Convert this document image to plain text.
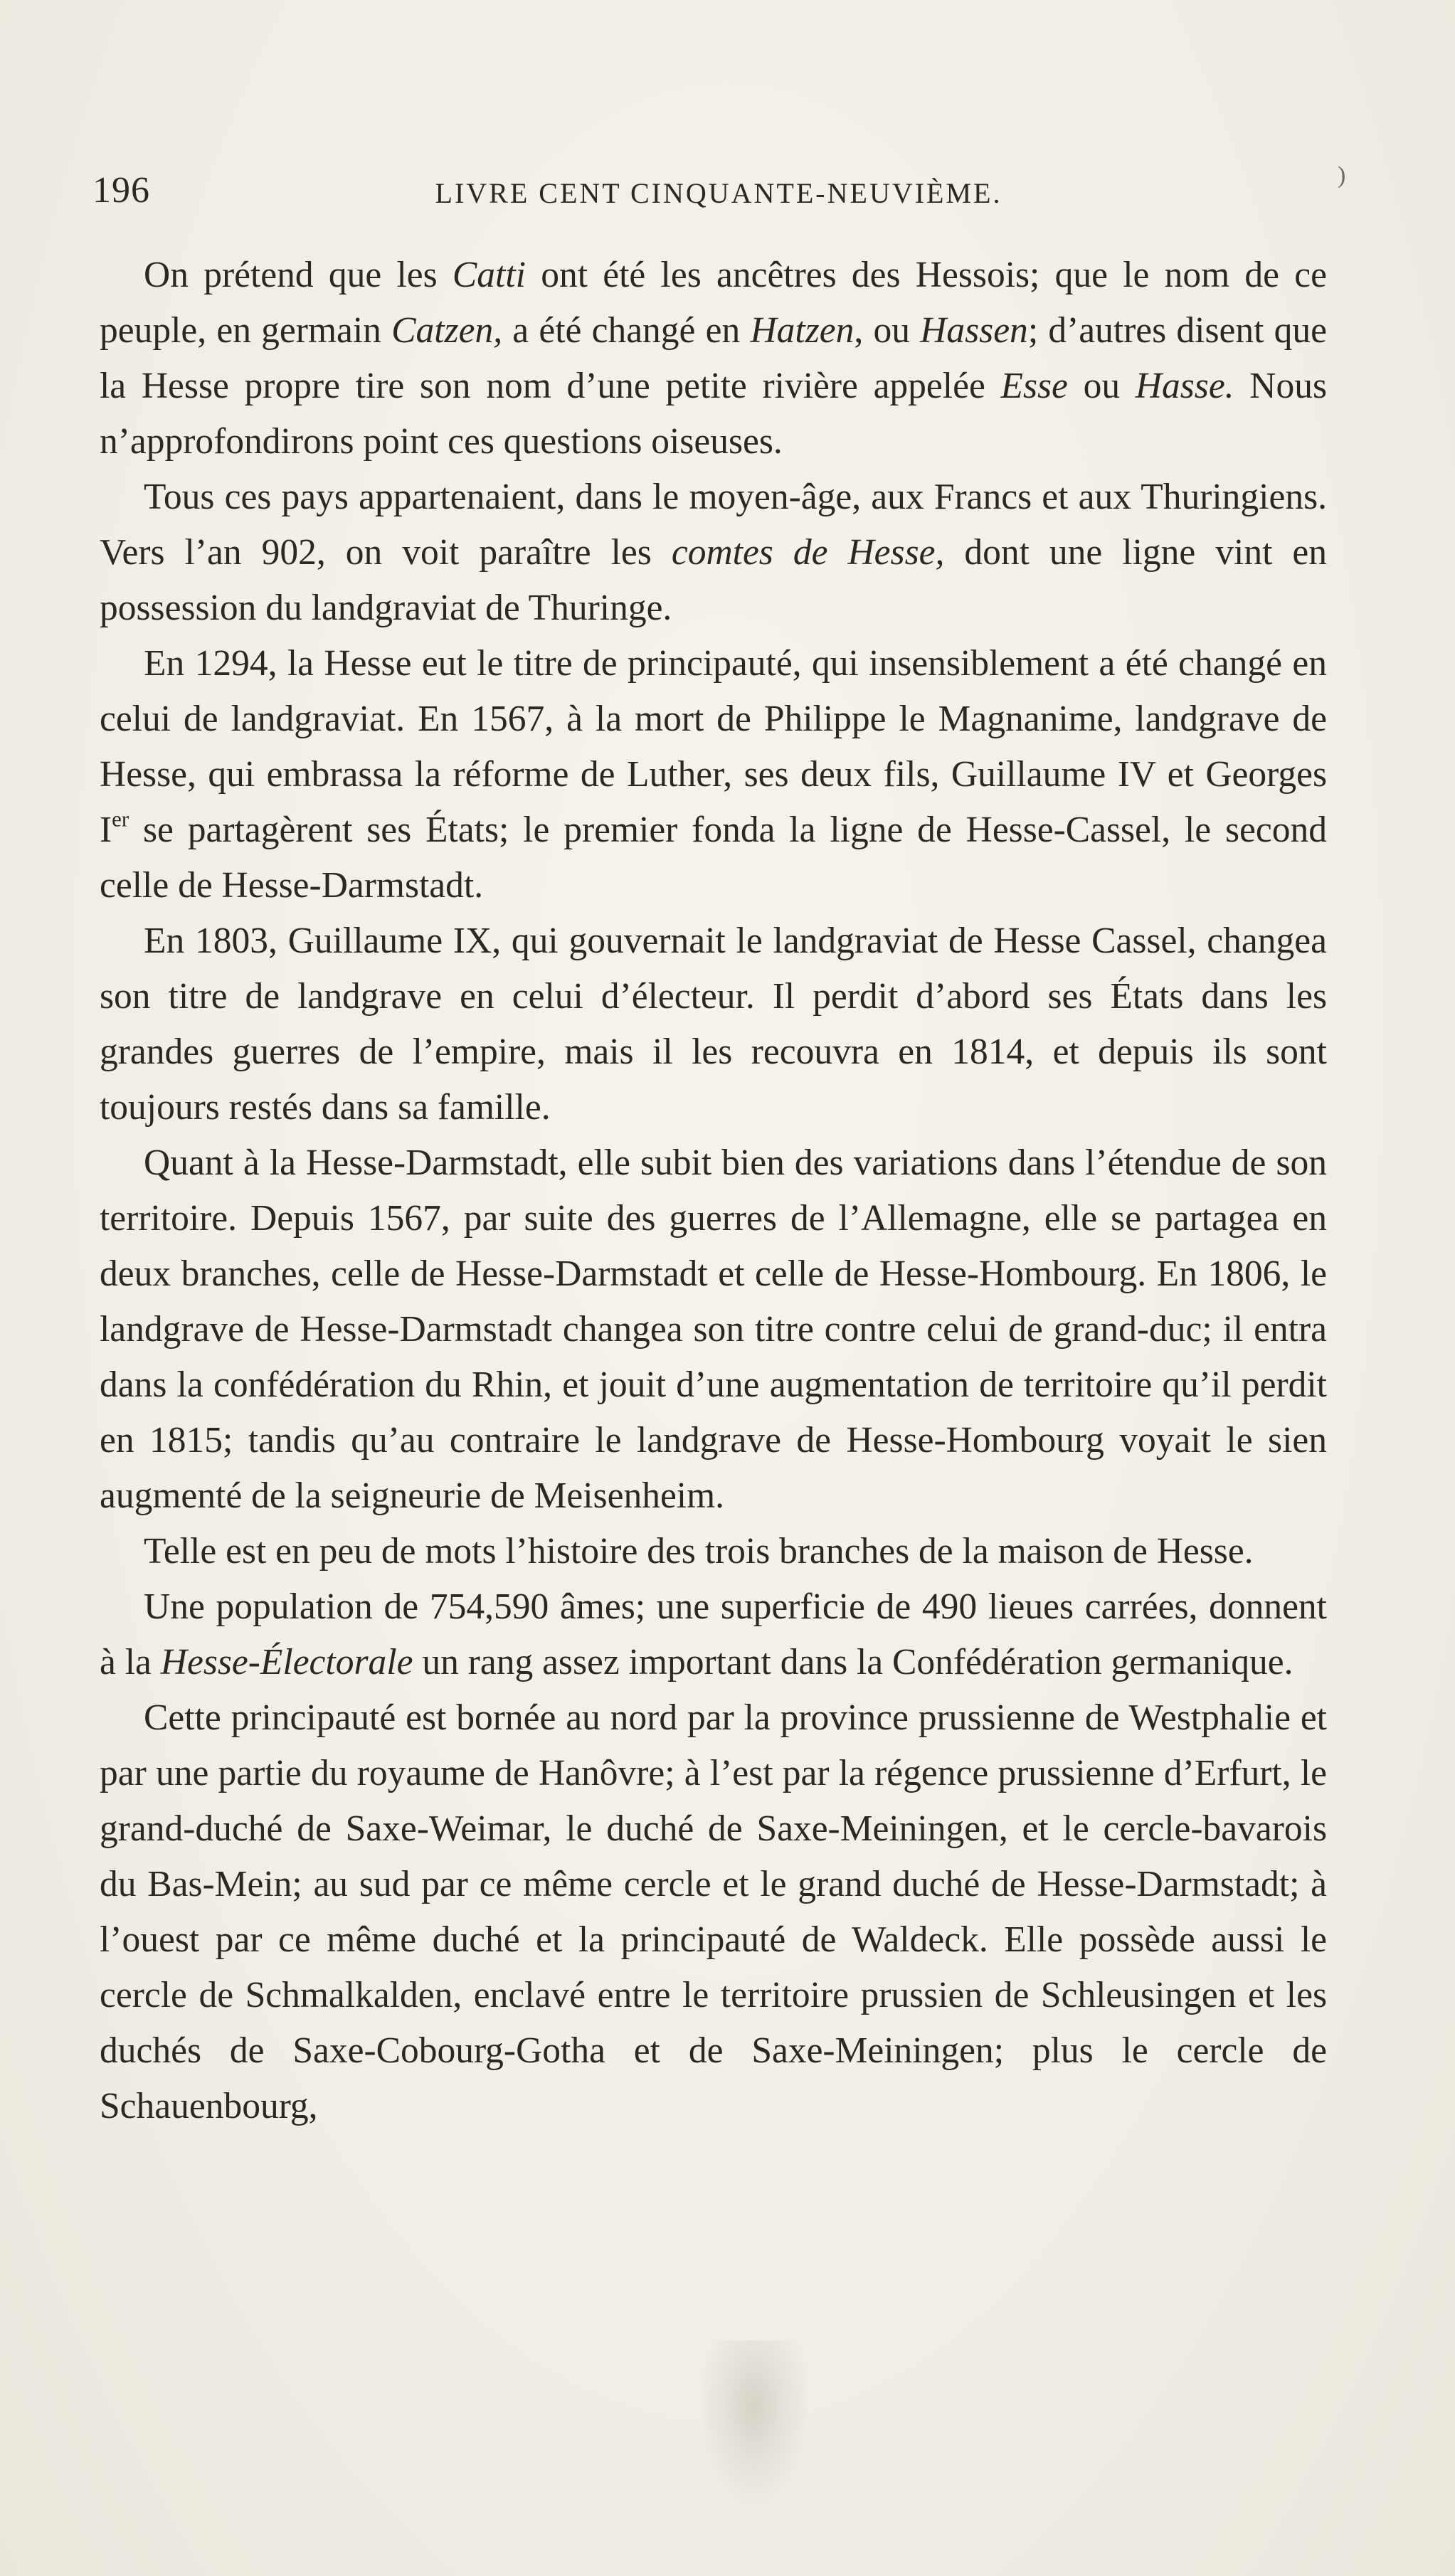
196	LIVRE CENT CINQUANTE-NEUVIÈME.
)

On prétend que les Catti ont été les ancêtres des Hessois; que le nom de ce peuple, en germain Catzen, a été changé en Hatzen, ou Hassen; d’autres disent que la Hesse propre tire son nom d’une petite rivière appelée Esse ou Hasse. Nous n’approfondirons point ces questions oiseuses.

Tous ces pays appartenaient, dans le moyen-âge, aux Francs et aux Thuringiens. Vers l’an 902, on voit paraître les comtes de Hesse, dont une ligne vint en possession du landgraviat de Thuringe.

En 1294, la Hesse eut le titre de principauté, qui insensiblement a été changé en celui de landgraviat. En 1567, à la mort de Philippe le Magnanime, landgrave de Hesse, qui embrassa la réforme de Luther, ses deux fils, Guillaume IV et Georges Ier se partagèrent ses États; le premier fonda la ligne de Hesse-Cassel, le second celle de Hesse-Darmstadt.

En 1803, Guillaume IX, qui gouvernait le landgraviat de Hesse Cassel, changea son titre de landgrave en celui d’électeur. Il perdit d’abord ses États dans les grandes guerres de l’empire, mais il les recouvra en 1814, et depuis ils sont toujours restés dans sa famille.

Quant à la Hesse-Darmstadt, elle subit bien des variations dans l’étendue de son territoire. Depuis 1567, par suite des guerres de l’Allemagne, elle se partagea en deux branches, celle de Hesse-Darmstadt et celle de Hesse-Hombourg. En 1806, le landgrave de Hesse-Darmstadt changea son titre contre celui de grand-duc; il entra dans la confédération du Rhin, et jouit d’une augmentation de territoire qu’il perdit en 1815; tandis qu’au contraire le landgrave de Hesse-Hombourg voyait le sien augmenté de la seigneurie de Meisenheim.

Telle est en peu de mots l’histoire des trois branches de la maison de Hesse.

Une population de 754,590 âmes; une superficie de 490 lieues carrées, donnent à la Hesse-Électorale un rang assez important dans la Confédération germanique.

Cette principauté est bornée au nord par la province prussienne de Westphalie et par une partie du royaume de Hanôvre; à l’est par la régence prussienne d’Erfurt, le grand-duché de Saxe-Weimar, le duché de Saxe-Meiningen, et le cercle-bavarois du Bas-Mein; au sud par ce même cercle et le grand duché de Hesse-Darmstadt; à l’ouest par ce même duché et la principauté de Waldeck. Elle possède aussi le cercle de Schmalkalden, enclavé entre le territoire prussien de Schleusingen et les duchés de Saxe-Cobourg-Gotha et de Saxe-Meiningen; plus le cercle de Schauenbourg,
